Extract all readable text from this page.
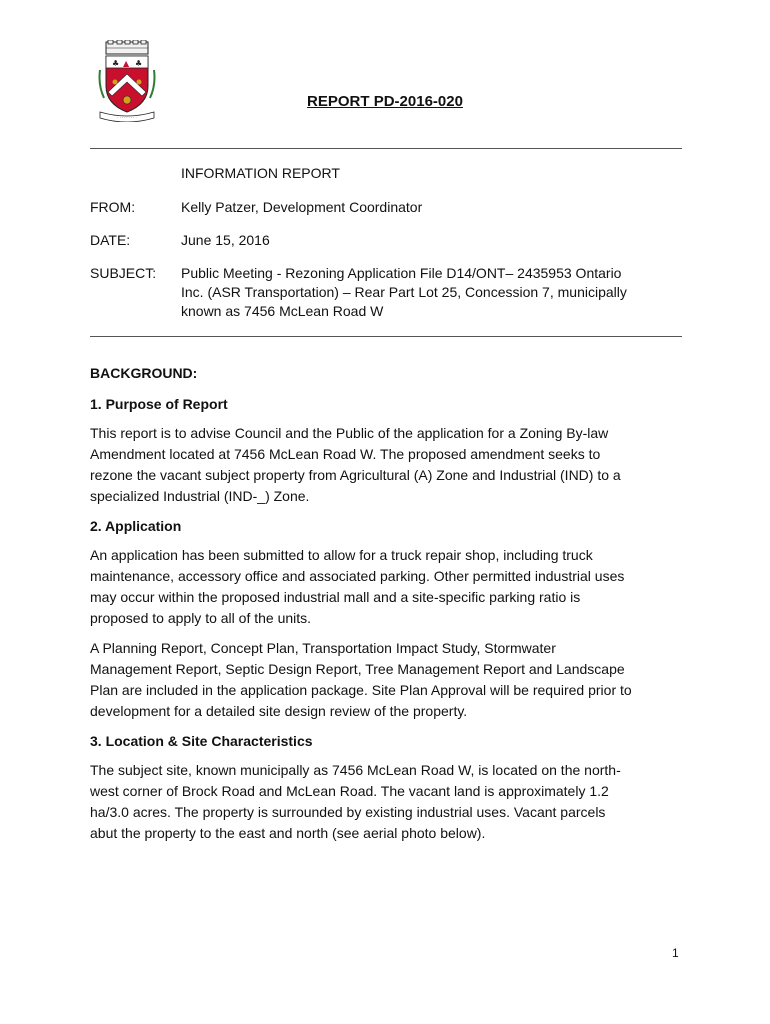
♣ ▲ ♣
· · · · · · · · ·
REPORT PD-2016-020
INFORMATION REPORT
FROM:	Kelly Patzer, Development Coordinator
DATE:	June 15, 2016
SUBJECT:	Public Meeting - Rezoning Application File D14/ONT– 2435953 Ontario
Inc. (ASR Transportation) – Rear Part Lot 25, Concession 7, municipally
known as 7456 McLean Road W
BACKGROUND:
1. Purpose of Report
This report is to advise Council and the Public of the application for a Zoning By-law
Amendment located at 7456 McLean Road W. The proposed amendment seeks to
rezone the vacant subject property from Agricultural (A) Zone and Industrial (IND) to a
specialized Industrial (IND-_) Zone.
2. Application
An application has been submitted to allow for a truck repair shop, including truck
maintenance, accessory office and associated parking. Other permitted industrial uses
may occur within the proposed industrial mall and a site-specific parking ratio is
proposed to apply to all of the units.
A Planning Report, Concept Plan, Transportation Impact Study, Stormwater
Management Report, Septic Design Report, Tree Management Report and Landscape
Plan are included in the application package. Site Plan Approval will be required prior to
development for a detailed site design review of the property.
3. Location & Site Characteristics
The subject site, known municipally as 7456 McLean Road W, is located on the north-
west corner of Brock Road and McLean Road. The vacant land is approximately 1.2
ha/3.0 acres. The property is surrounded by existing industrial uses. Vacant parcels
abut the property to the east and north (see aerial photo below).
1
